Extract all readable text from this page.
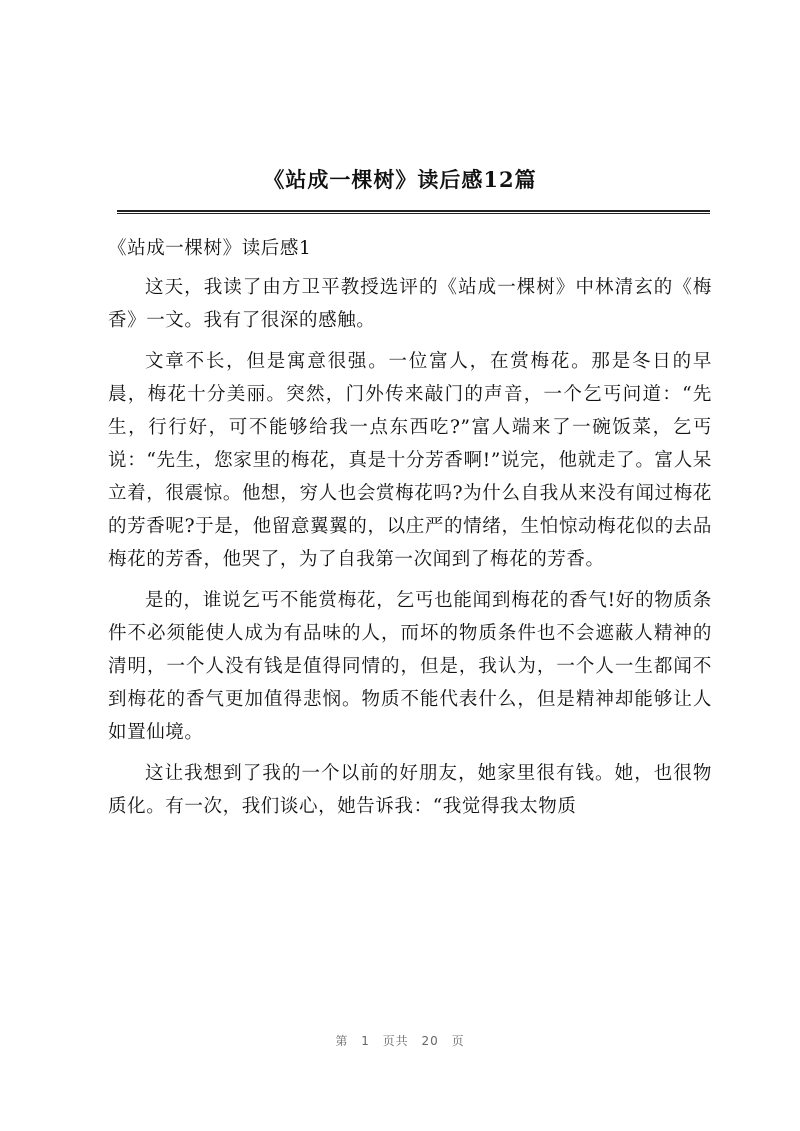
《站成一棵树》读后感12篇

《站成一棵树》读后感1

这天，我读了由方卫平教授选评的《站成一棵树》中林清玄的《梅香》一文。我有了很深的感触。

文章不长，但是寓意很强。一位富人，在赏梅花。那是冬日的早晨，梅花十分美丽。突然，门外传来敲门的声音，一个乞丐问道：“先生，行行好，可不能够给我一点东西吃?”富人端来了一碗饭菜，乞丐说：“先生，您家里的梅花，真是十分芳香啊!”说完，他就走了。富人呆立着，很震惊。他想，穷人也会赏梅花吗?为什么自我从来没有闻过梅花的芳香呢?于是，他留意翼翼的，以庄严的情绪，生怕惊动梅花似的去品梅花的芳香，他哭了，为了自我第一次闻到了梅花的芳香。

是的，谁说乞丐不能赏梅花，乞丐也能闻到梅花的香气!好的物质条件不必须能使人成为有品味的人，而坏的物质条件也不会遮蔽人精神的清明，一个人没有钱是值得同情的，但是，我认为，一个人一生都闻不到梅花的香气更加值得悲悯。物质不能代表什么，但是精神却能够让人如置仙境。

这让我想到了我的一个以前的好朋友，她家里很有钱。她，也很物质化。有一次，我们谈心，她告诉我：“我觉得我太物质

第 1 页共 20 页
